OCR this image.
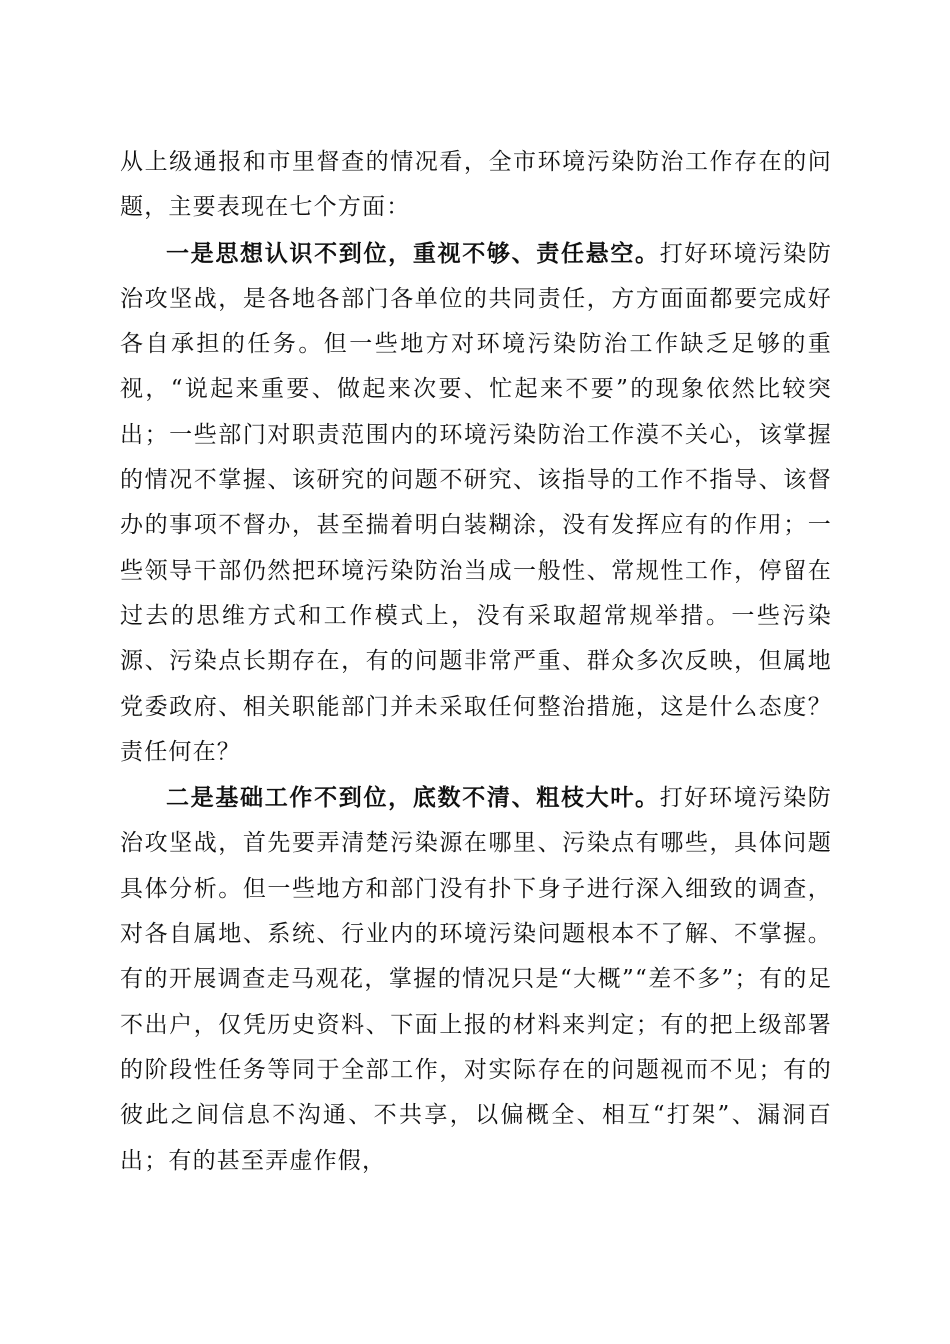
从上级通报和市里督查的情况看，全市环境污染防治工作存在的问题，主要表现在七个方面：

一是思想认识不到位，重视不够、责任悬空。打好环境污染防治攻坚战，是各地各部门各单位的共同责任，方方面面都要完成好各自承担的任务。但一些地方对环境污染防治工作缺乏足够的重视，“说起来重要、做起来次要、忙起来不要”的现象依然比较突出；一些部门对职责范围内的环境污染防治工作漠不关心，该掌握的情况不掌握、该研究的问题不研究、该指导的工作不指导、该督办的事项不督办，甚至揣着明白装糊涂，没有发挥应有的作用；一些领导干部仍然把环境污染防治当成一般性、常规性工作，停留在过去的思维方式和工作模式上，没有采取超常规举措。一些污染源、污染点长期存在，有的问题非常严重、群众多次反映，但属地党委政府、相关职能部门并未采取任何整治措施，这是什么态度？责任何在？

二是基础工作不到位，底数不清、粗枝大叶。打好环境污染防治攻坚战，首先要弄清楚污染源在哪里、污染点有哪些，具体问题具体分析。但一些地方和部门没有扑下身子进行深入细致的调查，对各自属地、系统、行业内的环境污染问题根本不了解、不掌握。有的开展调查走马观花，掌握的情况只是“大概”“差不多”；有的足不出户，仅凭历史资料、下面上报的材料来判定；有的把上级部署的阶段性任务等同于全部工作，对实际存在的问题视而不见；有的彼此之间信息不沟通、不共享，以偏概全、相互“打架”、漏洞百出；有的甚至弄虚作假，
